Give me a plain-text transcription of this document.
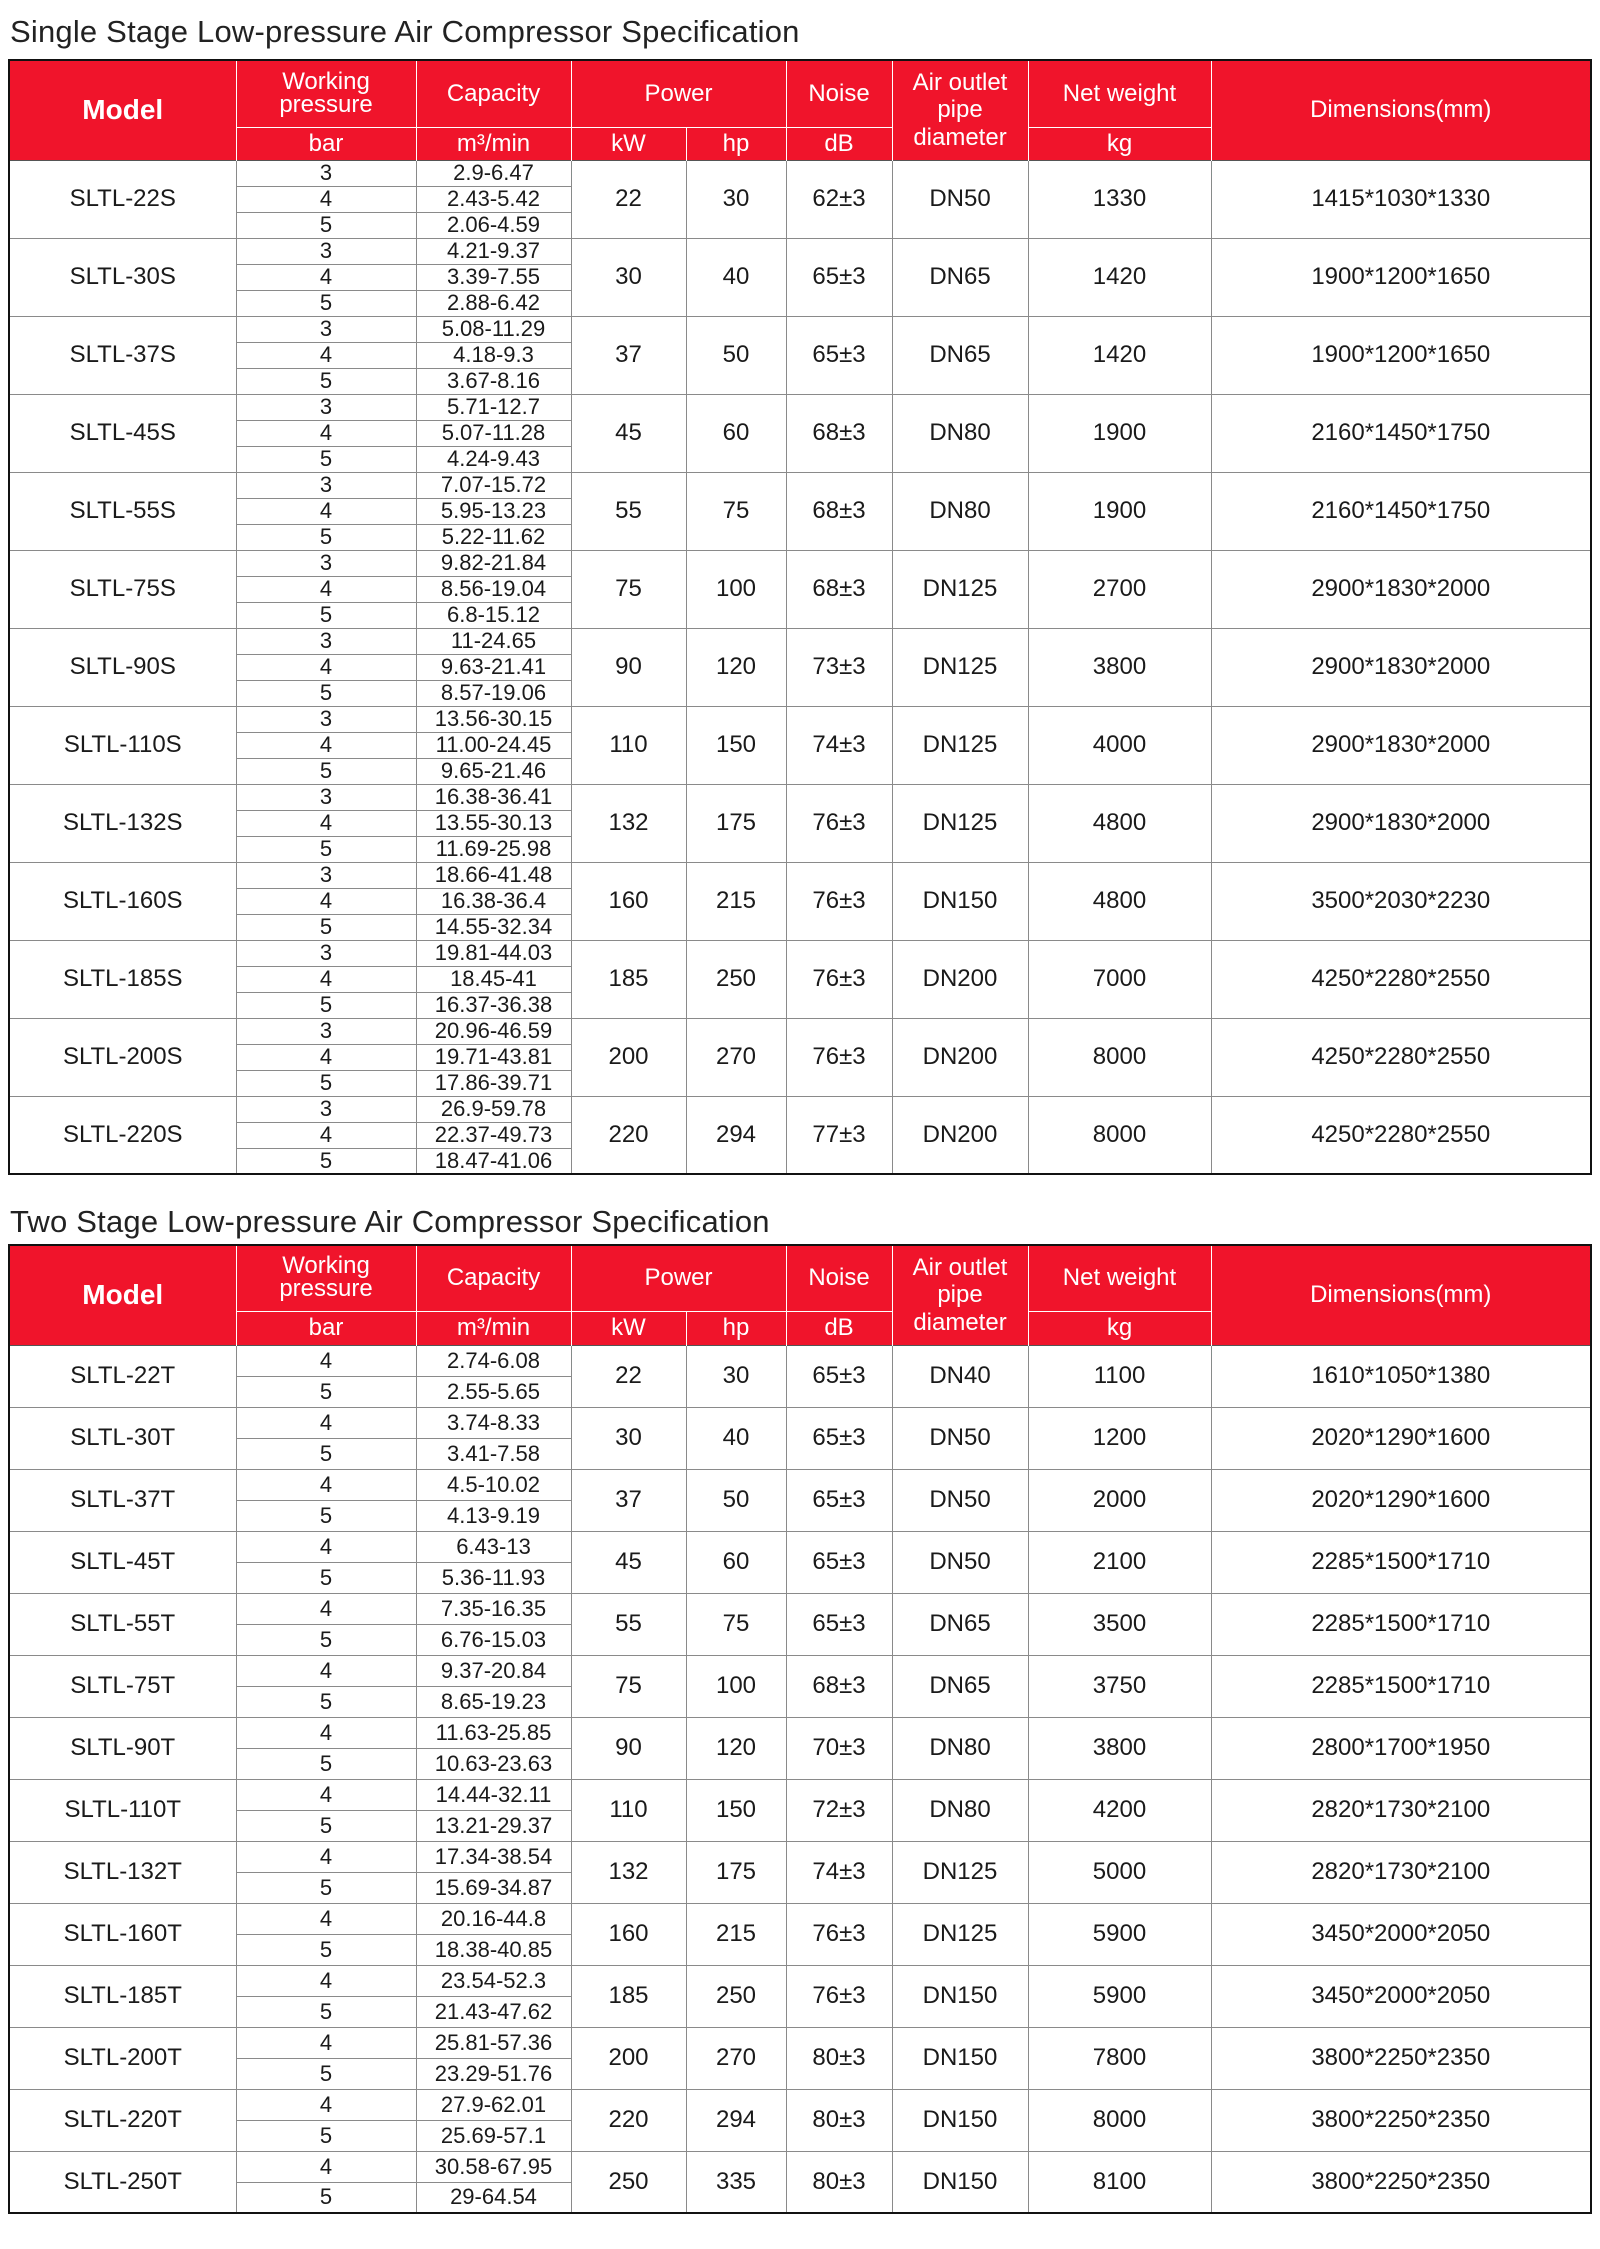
Single Stage Low-pressure Air Compressor Specification
Model	Working pressure	Capacity	Power		Noise	Air outlet pipe diameter	Net weight	Dimensions(mm)
	bar	m³/min	kW	hp	dB		kg	
SLTL-22S	3	2.9-6.47	22	30	62±3	DN50	1330	1415*1030*1330
	4	2.43-5.42						
	5	2.06-4.59						
SLTL-30S	3	4.21-9.37	30	40	65±3	DN65	1420	1900*1200*1650
	4	3.39-7.55						
	5	2.88-6.42						
SLTL-37S	3	5.08-11.29	37	50	65±3	DN65	1420	1900*1200*1650
	4	4.18-9.3						
	5	3.67-8.16						
SLTL-45S	3	5.71-12.7	45	60	68±3	DN80	1900	2160*1450*1750
	4	5.07-11.28						
	5	4.24-9.43						
SLTL-55S	3	7.07-15.72	55	75	68±3	DN80	1900	2160*1450*1750
	4	5.95-13.23						
	5	5.22-11.62						
SLTL-75S	3	9.82-21.84	75	100	68±3	DN125	2700	2900*1830*2000
	4	8.56-19.04						
	5	6.8-15.12						
SLTL-90S	3	11-24.65	90	120	73±3	DN125	3800	2900*1830*2000
	4	9.63-21.41						
	5	8.57-19.06						
SLTL-110S	3	13.56-30.15	110	150	74±3	DN125	4000	2900*1830*2000
	4	11.00-24.45						
	5	9.65-21.46						
SLTL-132S	3	16.38-36.41	132	175	76±3	DN125	4800	2900*1830*2000
	4	13.55-30.13						
	5	11.69-25.98						
SLTL-160S	3	18.66-41.48	160	215	76±3	DN150	4800	3500*2030*2230
	4	16.38-36.4						
	5	14.55-32.34						
SLTL-185S	3	19.81-44.03	185	250	76±3	DN200	7000	4250*2280*2550
	4	18.45-41						
	5	16.37-36.38						
SLTL-200S	3	20.96-46.59	200	270	76±3	DN200	8000	4250*2280*2550
	4	19.71-43.81						
	5	17.86-39.71						
SLTL-220S	3	26.9-59.78	220	294	77±3	DN200	8000	4250*2280*2550
	4	22.37-49.73						
	5	18.47-41.06						
Two Stage Low-pressure Air Compressor Specification
Model	Working pressure	Capacity	Power		Noise	Air outlet pipe diameter	Net weight	Dimensions(mm)
	bar	m³/min	kW	hp	dB		kg	
SLTL-22T	4	2.74-6.08	22	30	65±3	DN40	1100	1610*1050*1380
	5	2.55-5.65						
SLTL-30T	4	3.74-8.33	30	40	65±3	DN50	1200	2020*1290*1600
	5	3.41-7.58						
SLTL-37T	4	4.5-10.02	37	50	65±3	DN50	2000	2020*1290*1600
	5	4.13-9.19						
SLTL-45T	4	6.43-13	45	60	65±3	DN50	2100	2285*1500*1710
	5	5.36-11.93						
SLTL-55T	4	7.35-16.35	55	75	65±3	DN65	3500	2285*1500*1710
	5	6.76-15.03						
SLTL-75T	4	9.37-20.84	75	100	68±3	DN65	3750	2285*1500*1710
	5	8.65-19.23						
SLTL-90T	4	11.63-25.85	90	120	70±3	DN80	3800	2800*1700*1950
	5	10.63-23.63						
SLTL-110T	4	14.44-32.11	110	150	72±3	DN80	4200	2820*1730*2100
	5	13.21-29.37						
SLTL-132T	4	17.34-38.54	132	175	74±3	DN125	5000	2820*1730*2100
	5	15.69-34.87						
SLTL-160T	4	20.16-44.8	160	215	76±3	DN125	5900	3450*2000*2050
	5	18.38-40.85						
SLTL-185T	4	23.54-52.3	185	250	76±3	DN150	5900	3450*2000*2050
	5	21.43-47.62						
SLTL-200T	4	25.81-57.36	200	270	80±3	DN150	7800	3800*2250*2350
	5	23.29-51.76						
SLTL-220T	4	27.9-62.01	220	294	80±3	DN150	8000	3800*2250*2350
	5	25.69-57.1						
SLTL-250T	4	30.58-67.95	250	335	80±3	DN150	8100	3800*2250*2350
	5	29-64.54						
